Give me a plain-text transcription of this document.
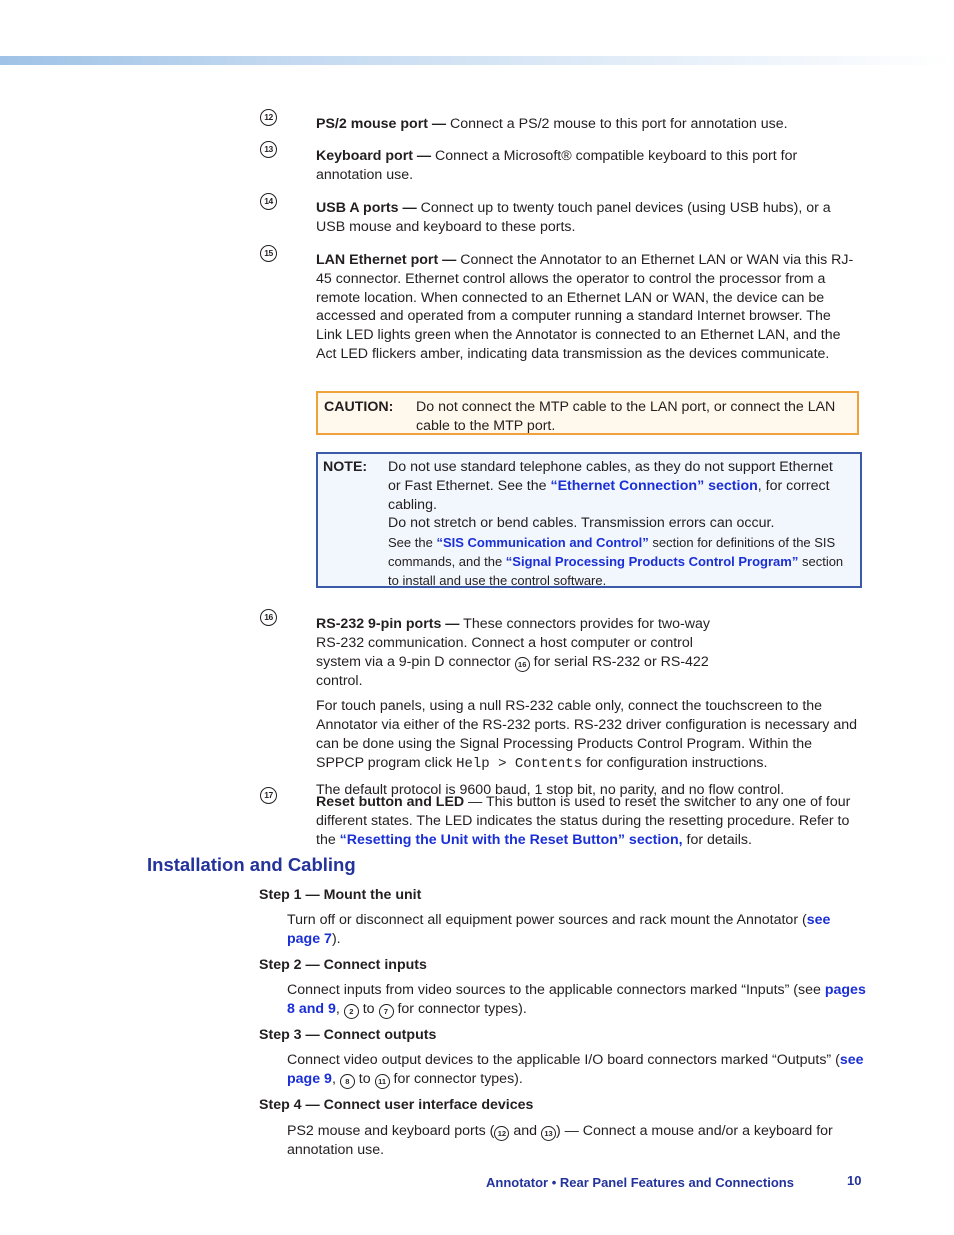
12	PS/2 mouse port — Connect a PS/2 mouse to this port for annotation use.

13	Keyboard port — Connect a Microsoft® compatible keyboard to this port for annotation use.

14	USB A ports — Connect up to twenty touch panel devices (using USB hubs), or a USB mouse and keyboard to these ports.

15	LAN Ethernet port — Connect the Annotator to an Ethernet LAN or WAN via this RJ-45 connector. Ethernet control allows the operator to control the processor from a remote location. When connected to an Ethernet LAN or WAN, the device can be accessed and operated from a computer running a standard Internet browser. The Link LED lights green when the Annotator is connected to an Ethernet LAN, and the Act LED flickers amber, indicating data transmission as the devices communicate.

CAUTION: Do not connect the MTP cable to the LAN port, or connect the LAN cable to the MTP port.
NOTE: Do not use standard telephone cables, as they do not support Ethernet or Fast Ethernet. See the “Ethernet Connection” section, for correct cabling.
Do not stretch or bend cables. Transmission errors can occur.
See the “SIS Communication and Control” section for definitions of the SIS commands, and the “Signal Processing Products Control Program” section to install and use the control software.
16	RS-232 9-pin ports — These connectors provides for two-way RS-232 communication. Connect a host computer or control system via a 9-pin D connector 16 for serial RS-232 or RS-422 control.

For touch panels, using a null RS-232 cable only, connect the touchscreen to the Annotator via either of the RS-232 ports. RS-232 driver configuration is necessary and can be done using the Signal Processing Products Control Program. Within the SPPCP program click Help > Contents for configuration instructions.

The default protocol is 9600 baud, 1 stop bit, no parity, and no flow control.

17	Reset button and LED — This button is used to reset the switcher to any one of four different states. The LED indicates the status during the resetting procedure. Refer to the “Resetting the Unit with the Reset Button” section, for details.

Installation and Cabling
Step 1 — Mount the unit
Turn off or disconnect all equipment power sources and rack mount the Annotator (see page 7).
Step 2 — Connect inputs
Connect inputs from video sources to the applicable connectors marked “Inputs” (see pages 8 and 9, 2 to 7 for connector types).
Step 3 — Connect outputs
Connect video output devices to the applicable I/O board connectors marked “Outputs” (see page 9, 8 to 11 for connector types).
Step 4 — Connect user interface devices
PS2 mouse and keyboard ports ( 12 and 13 ) — Connect a mouse and/or a keyboard for annotation use.
Annotator • Rear Panel Features and Connections	10
